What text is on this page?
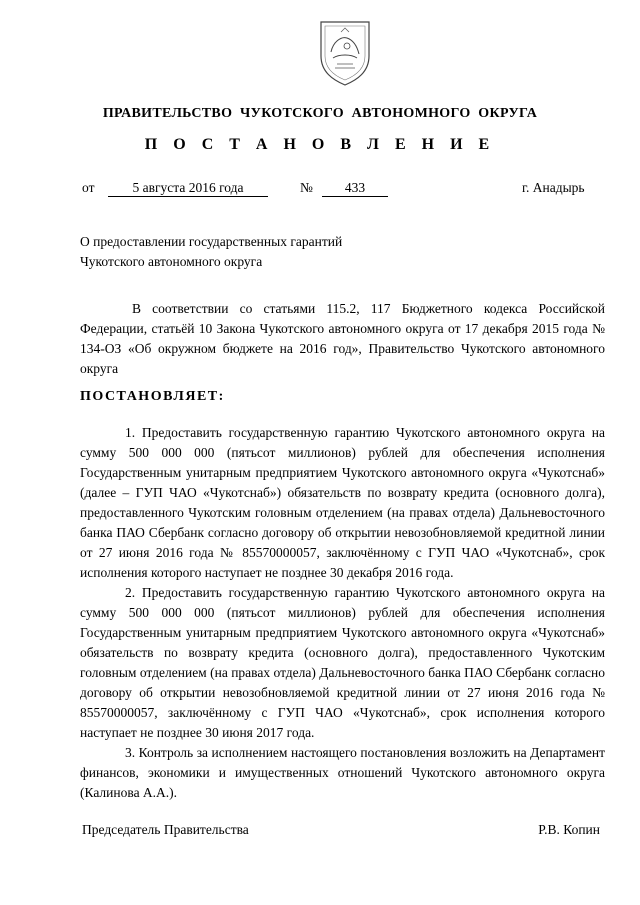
ПРАВИТЕЛЬСТВО ЧУКОТСКОГО АВТОНОМНОГО ОКРУГА
П О С Т А Н О В Л Е Н И Е
от	5 августа 2016 года	№	433	г. Анадырь
О предоставлении государственных гарантий
Чукотского автономного округа
В соответствии со статьями 115.2, 117 Бюджетного кодекса Российской Федерации, статьёй 10 Закона Чукотского автономного округа от 17 декабря 2015 года № 134-ОЗ «Об окружном бюджете на 2016 год», Правительство Чукотского автономного округа
ПОСТАНОВЛЯЕТ:

1. Предоставить государственную гарантию Чукотского автономного округа на сумму 500 000 000 (пятьсот миллионов) рублей для обеспечения исполнения Государственным унитарным предприятием Чукотского автономного округа «Чукотснаб» (далее – ГУП ЧАО «Чукотснаб») обязательств по возврату кредита (основного долга), предоставленного Чукотским головным отделением (на правах отдела) Дальневосточного банка ПАО Сбербанк согласно договору об открытии невозобновляемой кредитной линии от 27 июня 2016 года № 85570000057, заключённому с ГУП ЧАО «Чукотснаб», срок исполнения которого наступает не позднее 30 декабря 2016 года.

2. Предоставить государственную гарантию Чукотского автономного округа на сумму 500 000 000 (пятьсот миллионов) рублей для обеспечения исполнения Государственным унитарным предприятием Чукотского автономного округа «Чукотснаб» обязательств по возврату кредита (основного долга), предоставленного Чукотским головным отделением (на правах отдела) Дальневосточного банка ПАО Сбербанк согласно договору об открытии невозобновляемой кредитной линии от 27 июня 2016 года № 85570000057, заключённому с ГУП ЧАО «Чукотснаб», срок исполнения которого наступает не позднее 30 июня 2017 года.

3. Контроль за исполнением настоящего постановления возложить на Департамент финансов, экономики и имущественных отношений Чукотского автономного округа (Калинова А.А.).

Председатель Правительства	Р.В. Копин
